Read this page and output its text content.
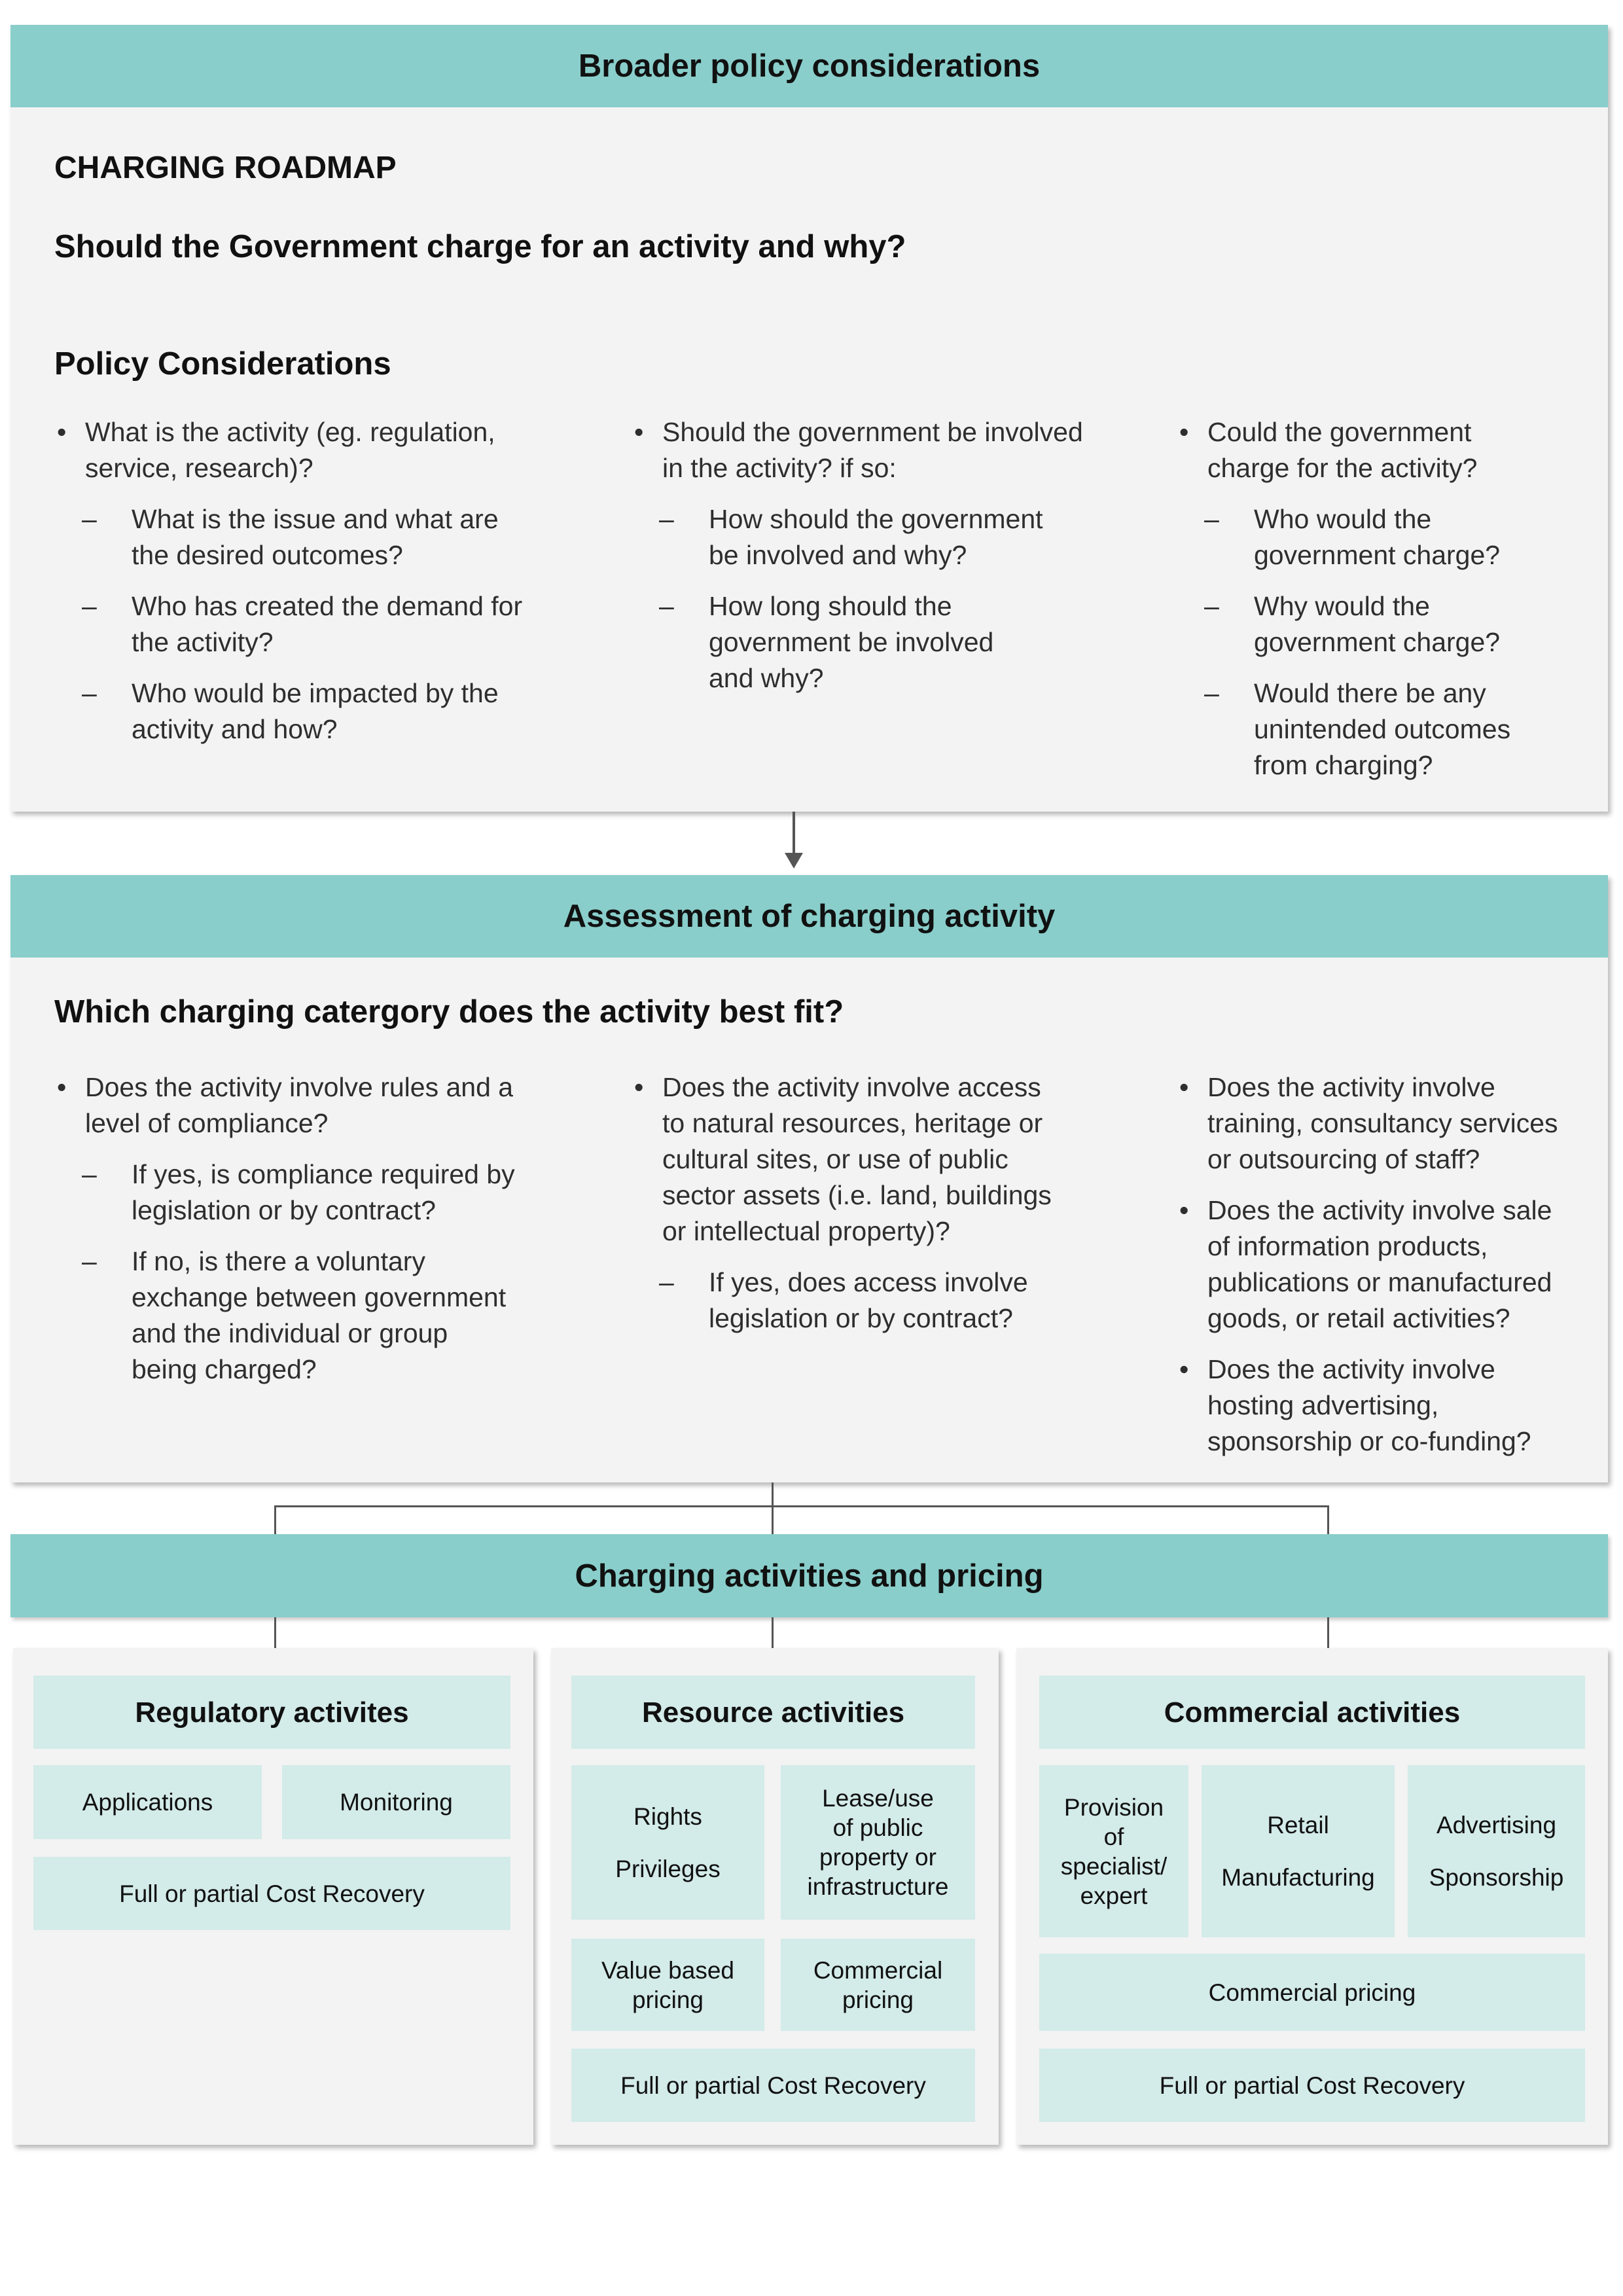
Broader policy considerations
CHARGING ROADMAP
Should the Government charge for an activity and why?
Policy Considerations
• What is the activity (eg. regulation,
service, research)?
– What is the issue and what are
the desired outcomes?
– Who has created the demand for
the activity?
– Who would be impacted by the
activity and how?
• Should the government be involved
in the activity? if so:
– How should the government
be involved and why?
– How long should the
government be involved
and why?
• Could the government
charge for the activity?
– Who would the
government charge?
– Why would the
government charge?
– Would there be any
unintended outcomes
from charging?
Assessment of charging activity
Which charging catergory does the activity best fit?
• Does the activity involve rules and a
level of compliance?
– If yes, is compliance required by
legislation or by contract?
– If no, is there a voluntary
exchange between government
and the individual or group
being charged?
• Does the activity involve access
to natural resources, heritage or
cultural sites, or use of public
sector assets (i.e. land, buildings
or intellectual property)?
– If yes, does access involve
legislation or by contract?
• Does the activity involve
training, consultancy services
or outsourcing of staff?
• Does the activity involve sale
of information products,
publications or manufactured
goods, or retail activities?
• Does the activity involve
hosting advertising,
sponsorship or co-funding?
Charging activities and pricing
Regulatory activites
Applications	Monitoring
Full or partial Cost Recovery
Resource activities
Rights
Privileges
Lease/use
of public
property or
infrastructure
Value based
pricing
Commercial
pricing
Full or partial Cost Recovery
Commercial activities
Provision
of
specialist/
expert
Retail
Manufacturing
Advertising
Sponsorship
Commercial pricing
Full or partial Cost Recovery
